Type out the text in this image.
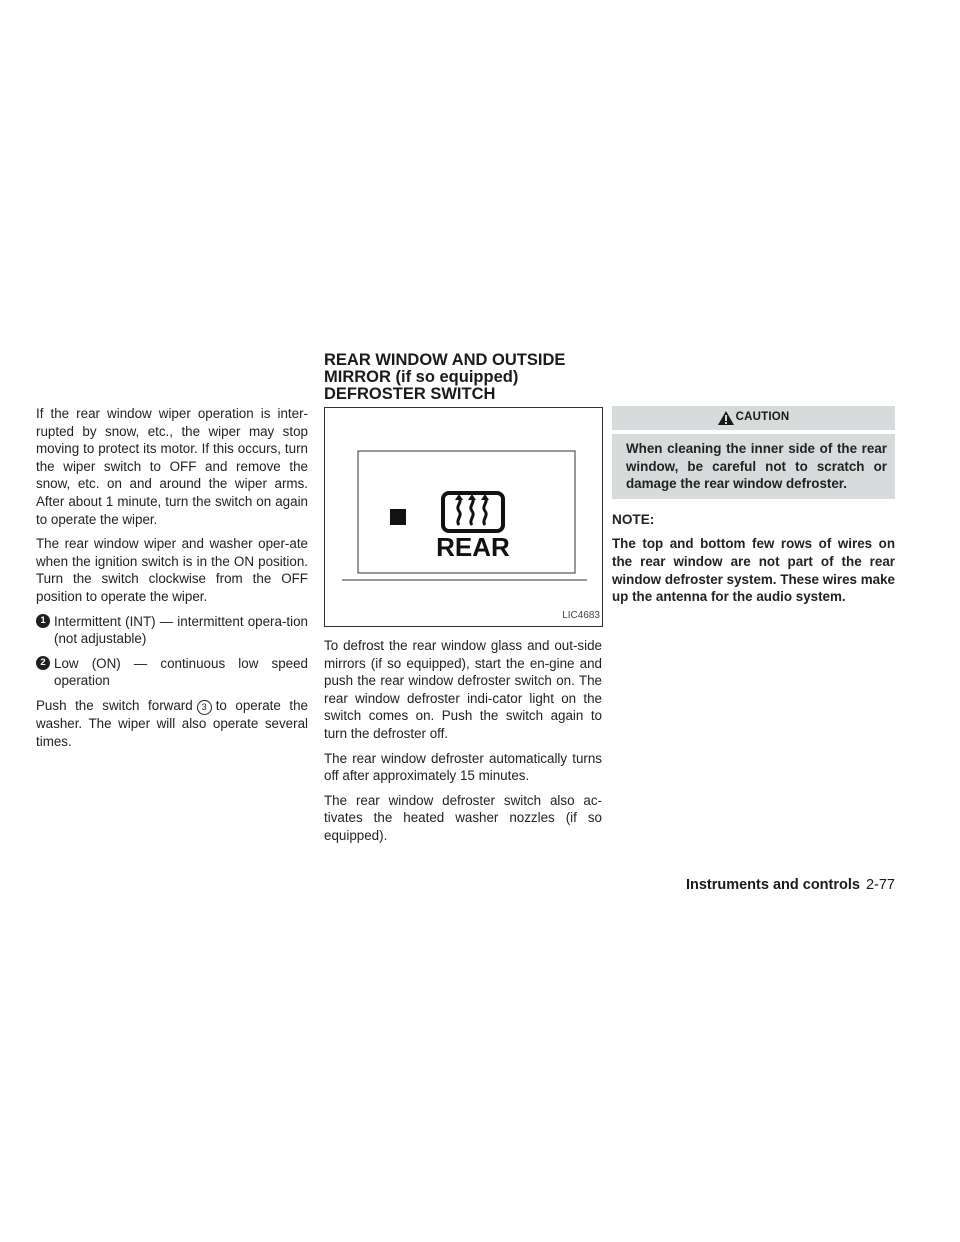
If the rear window wiper operation is inter-rupted by snow, etc., the wiper may stop moving to protect its motor. If this occurs, turn the wiper switch to OFF and remove the snow, etc. on and around the wiper arms. After about 1 minute, turn the switch on again to operate the wiper.

The rear window wiper and washer oper-ate when the ignition switch is in the ON position. Turn the switch clockwise from the OFF position to operate the wiper.

1 Intermittent (INT) — intermittent opera-tion (not adjustable)
2 Low (ON) — continuous low speed operation

Push the switch forward 3 to operate the washer. The wiper will also operate several times.

REAR WINDOW AND OUTSIDE
MIRROR (if so equipped)
DEFROSTER SWITCH
REAR
LIC4683

To defrost the rear window glass and out-side mirrors (if so equipped), start the en-gine and push the rear window defroster switch on. The rear window defroster indi-cator light on the switch comes on. Push the switch again to turn the defroster off.

The rear window defroster automatically turns off after approximately 15 minutes.

The rear window defroster switch also ac-tivates the heated washer nozzles (if so equipped).

CAUTION
When cleaning the inner side of the rear window, be careful not to scratch or damage the rear window defroster.
NOTE:
The top and bottom few rows of wires on the rear window are not part of the rear window defroster system. These wires make up the antenna for the audio system.
Instruments and controls 2-77
